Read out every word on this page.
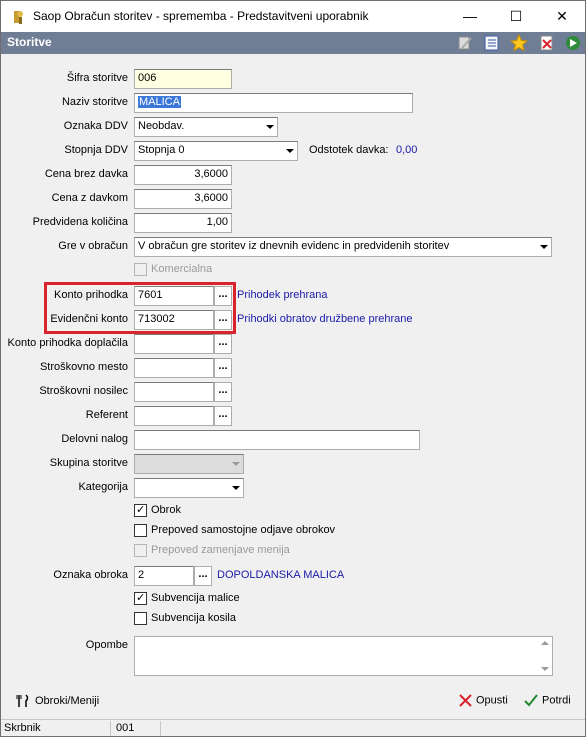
Saop Obračun storitev - sprememba - Predstavitveni uporabnik	—	☐	✕
Storitve
Šifra storitve 006
Naziv storitve	MALICA
Oznaka DDV Neobdav.
Stopnja DDV Stopnja 0	Odstotek davka: 0,00
Cena brez davka	3,6000
Cena z davkom	3,6000
Predvidena količina	1,00
Gre v obračun V obračun gre storitev iz dnevnih evidenc in predvidenih storitev
Komercialna
Konto prihodka 7601	... Prihodek prehrana
Evidenčni konto 713002	... Prihodki obratov družbene prehrane
Konto prihodka doplačila	...
Stroškovno mesto	...
Stroškovni nosilec	...
Referent	...
Delovni nalog
Skupina storitve
Kategorija
✓
Obrok
Prepoved samostojne odjave obrokov
Prepoved zamenjave menija
Oznaka obroka 2	... DOPOLDANSKA MALICA
✓
Subvencija malice
Subvencija kosila
Opombe
Obroki/Meniji	Opusti	Potrdi
Skrbnik	001
